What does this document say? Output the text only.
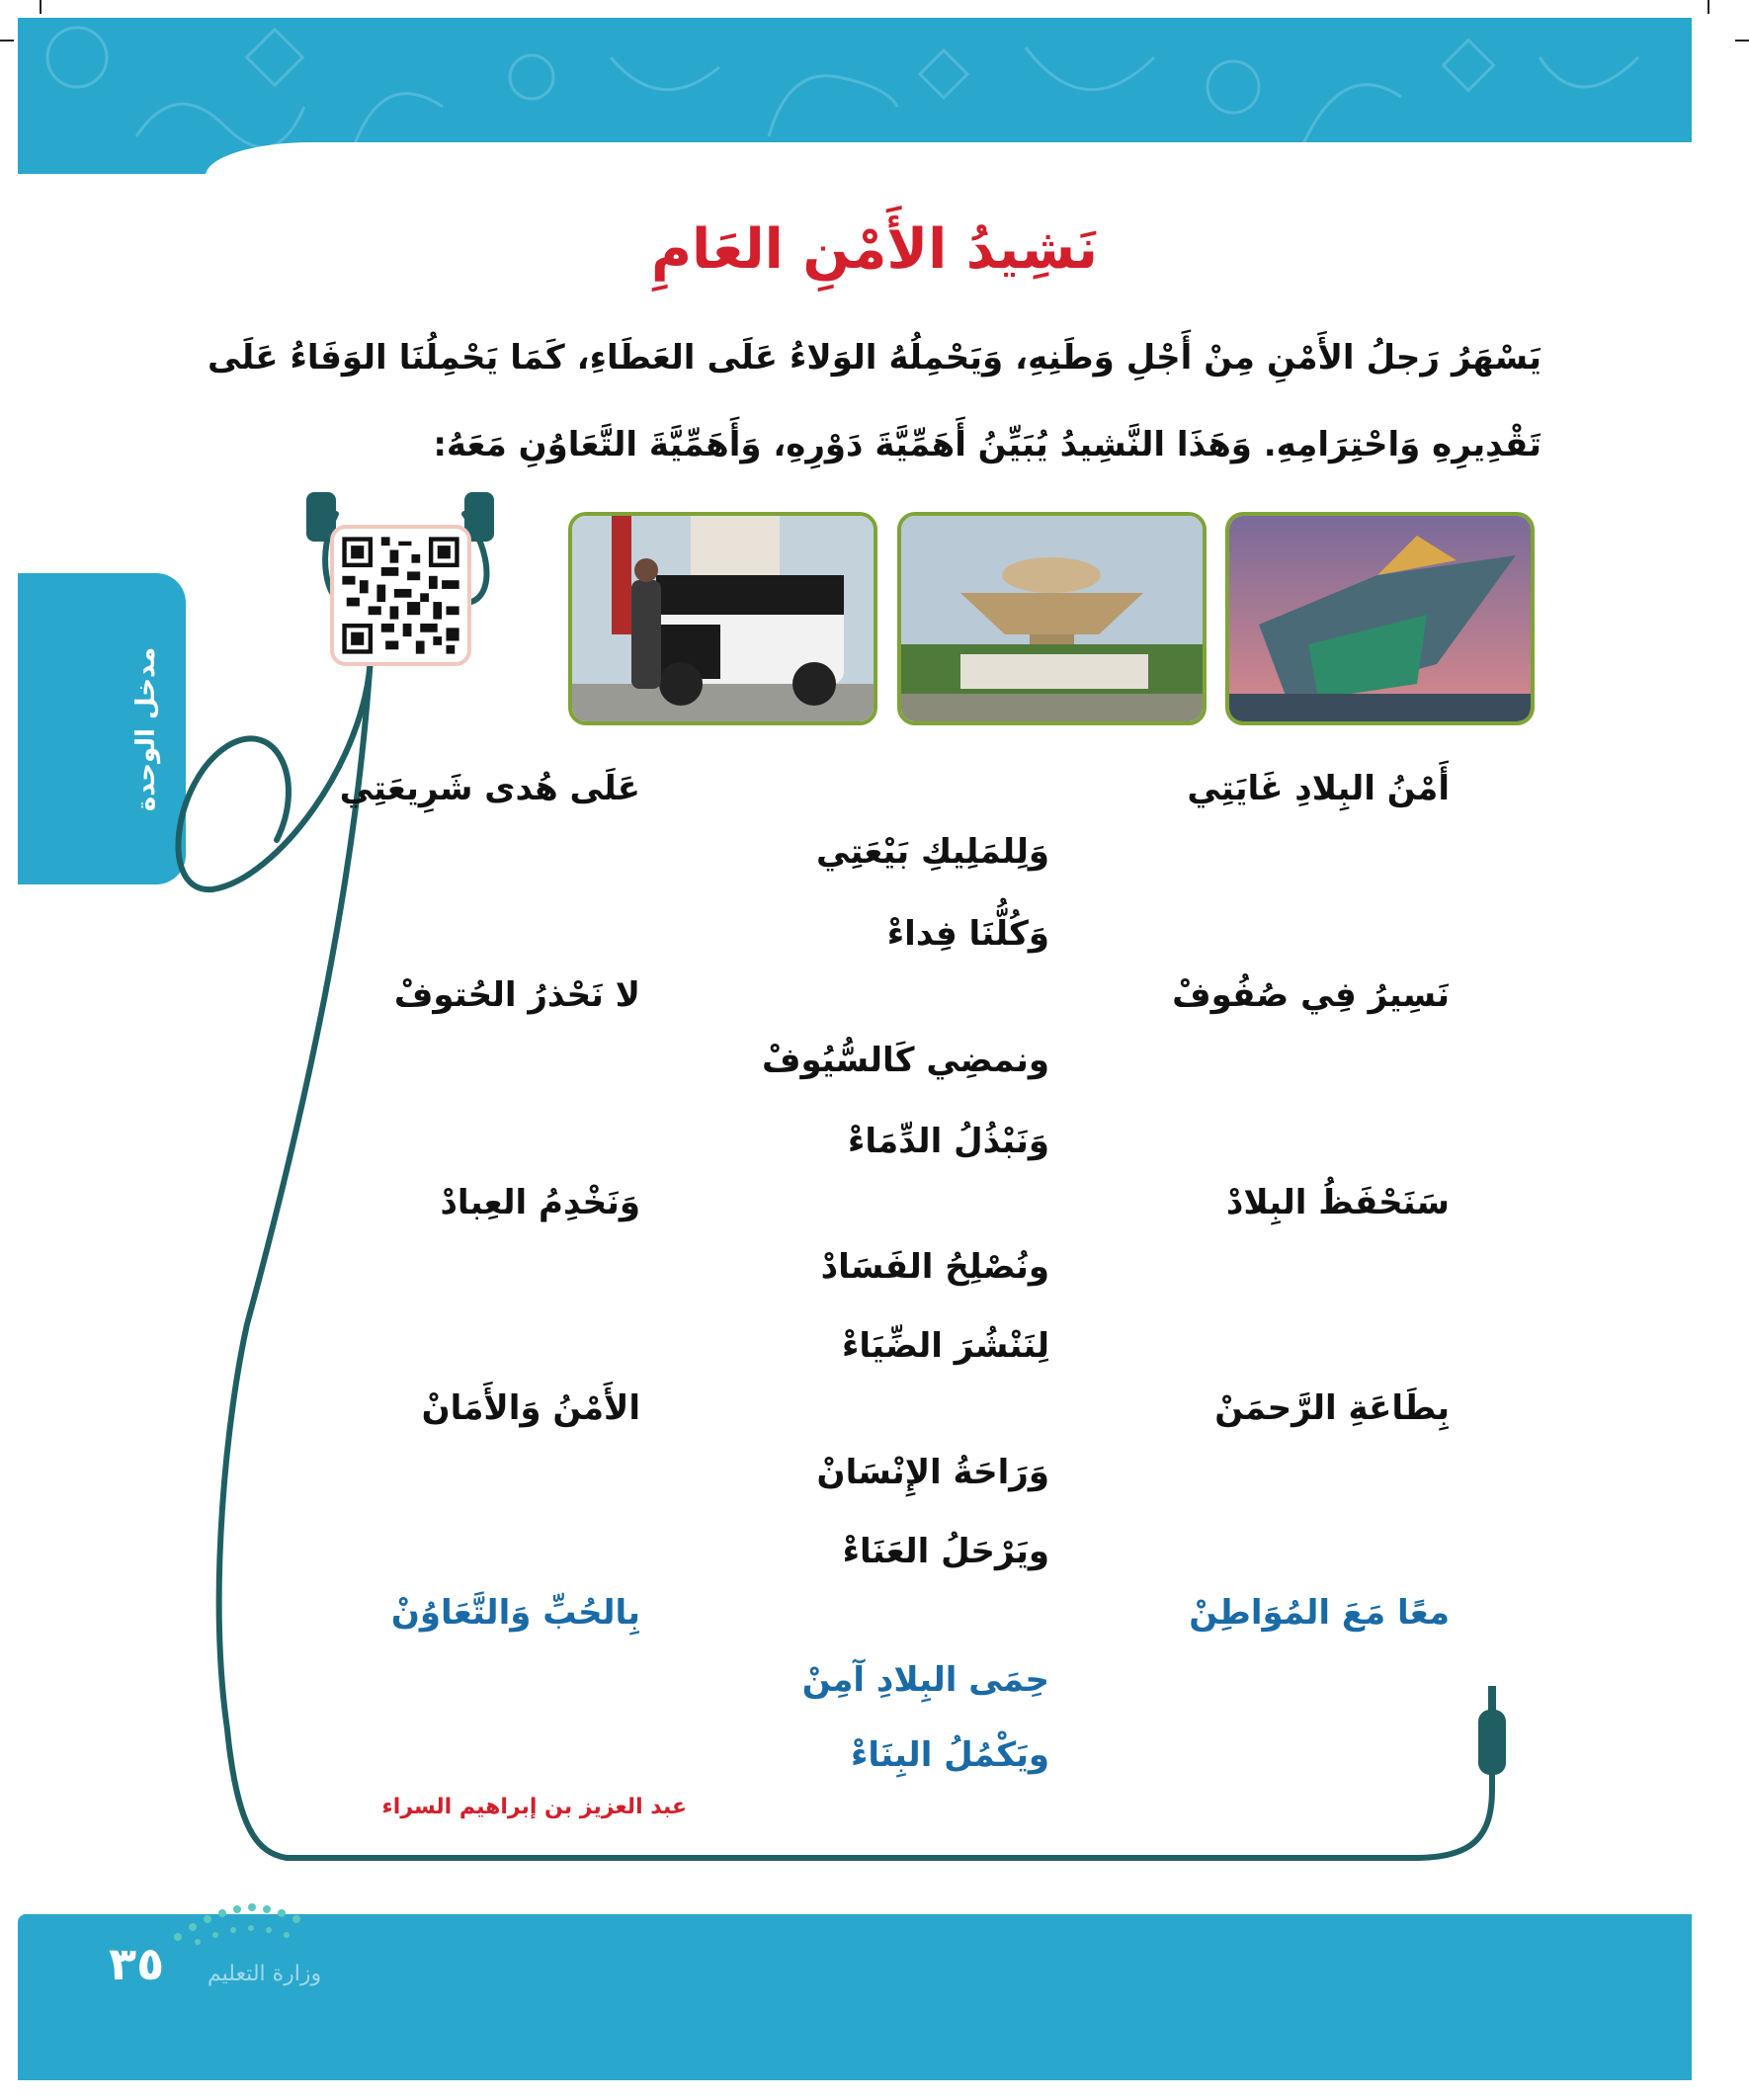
نَشِيدُ الأَمْنِ العَامِ
يَسْهَرُ رَجلُ الأَمْنِ مِنْ أَجْلِ وَطَنِهِ، وَيَحْمِلُهُ الوَلاءُ عَلَى العَطَاءِ، كَمَا يَحْمِلُنَا الوَفَاءُ عَلَى تَقْدِيرِهِ وَاحْتِرَامِهِ. وَهَذَا النَّشِيدُ يُبَيِّنُ أَهَمِّيَّةَ دَوْرِهِ، وَأَهَمِّيَّةَ التَّعَاوُنِ مَعَهُ:
مدخل الوحدة	أَمْنُ البِلادِ غَايَتِي
عَلَى هُدى شَرِيعَتِي
وَلِلمَلِيكِ بَيْعَتِي
وَكُلُّنَا فِداءْ
نَسِيرُ فِي صُفُوفْ
لا نَحْذرُ الحُتوفْ
ونمضِي كَالسُّيُوفْ
وَنَبْذُلُ الدِّمَاءْ
سَنَحْفَظُ البِلادْ
وَنَخْدِمُ العِبادْ
ونُصْلِحُ الفَسَادْ
لِنَنْشُرَ الضِّيَاءْ
بِطَاعَةِ الرَّحمَنْ
الأَمْنُ وَالأَمَانْ
وَرَاحَةُ الإِنْسَانْ
ويَرْحَلُ العَنَاءْ
معًا مَعَ المُوَاطِنْ
بِالحُبِّ وَالتَّعَاوُنْ
حِمَى البِلادِ آمِنْ
ويَكْمُلُ البِنَاءْ
عبد العزيز بن إبراهيم السراء
وزارة التعليم
٣٥
